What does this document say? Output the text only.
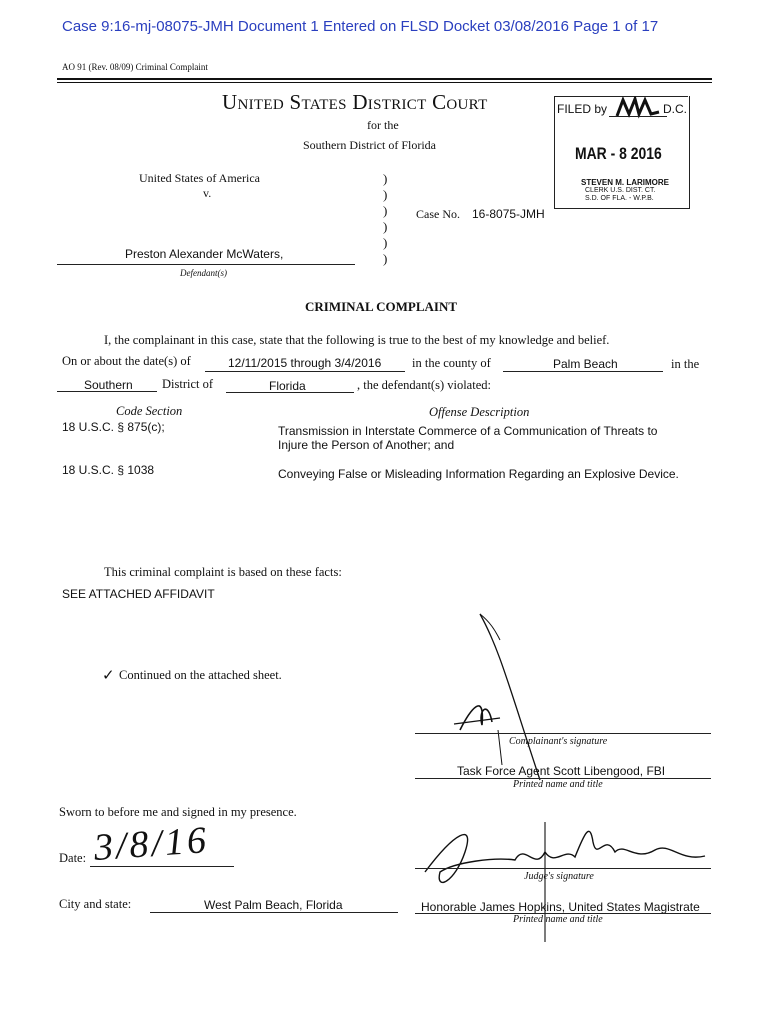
Case 9:16-mj-08075-JMH Document 1 Entered on FLSD Docket 03/08/2016 Page 1 of 17
AO 91 (Rev. 08/09) Criminal Complaint
United States District Court
for the
Southern District of Florida
FILED by	D.C.
MAR - 8 2016
STEVEN M. LARIMORE
CLERK U.S. DIST. CT.
S.D. OF FLA. - W.P.B.
United States of America
v.
)
)
)
)
)
)
Case No. 16-8075-JMH
Preston Alexander McWaters,
Defendant(s)
CRIMINAL COMPLAINT
I, the complainant in this case, state that the following is true to the best of my knowledge and belief.
On or about the date(s) of	12/11/2015 through 3/4/2016 in the county of	Palm Beach	in the
Southern District of	Florida	, the defendant(s) violated:
Code Section	Offense Description
18 U.S.C. § 875(c);	Transmission in Interstate Commerce of a Communication of Threats to
Injure the Person of Another; and
18 U.S.C. § 1038	Conveying False or Misleading Information Regarding an Explosive Device.
This criminal complaint is based on these facts:
SEE ATTACHED AFFIDAVIT
✓ Continued on the attached sheet.
Complainant's signature
Task Force Agent Scott Libengood, FBI
Printed name and title
Sworn to before me and signed in my presence.
Date: 3/8/16
Judge's signature
Honorable James Hopkins, United States Magistrate
Printed name and title
City and state:	West Palm Beach, Florida
